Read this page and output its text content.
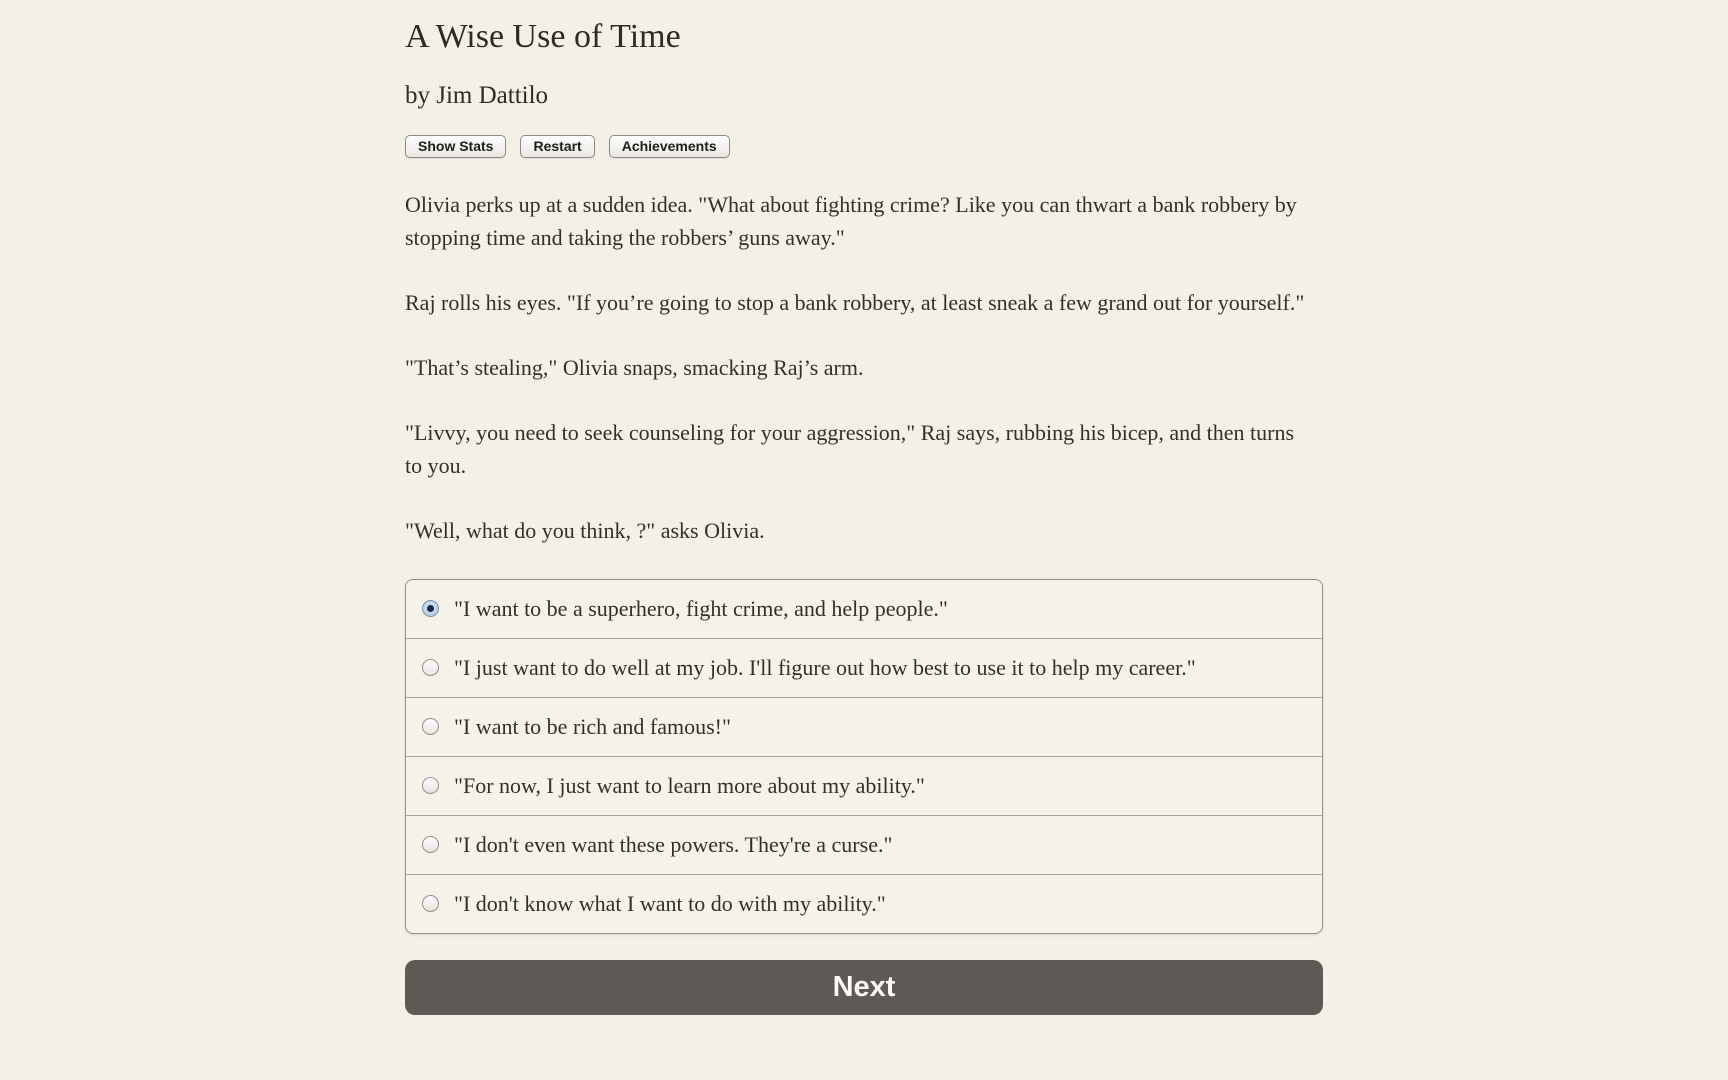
A Wise Use of Time
by Jim Dattilo
Show Stats	Restart	Achievements

Olivia perks up at a sudden idea. "What about fighting crime? Like you can thwart a bank robbery by stopping time and taking the robbers’ guns away."

Raj rolls his eyes. "If you’re going to stop a bank robbery, at least sneak a few grand out for yourself."

"That’s stealing," Olivia snaps, smacking Raj’s arm.

"Livvy, you need to seek counseling for your aggression," Raj says, rubbing his bicep, and then turns to you.

"Well, what do you think, ?" asks Olivia.

"I want to be a superhero, fight crime, and help people."
"I just want to do well at my job. I'll figure out how best to use it to help my career."
"I want to be rich and famous!"
"For now, I just want to learn more about my ability."
"I don't even want these powers. They're a curse."
"I don't know what I want to do with my ability."
Next
